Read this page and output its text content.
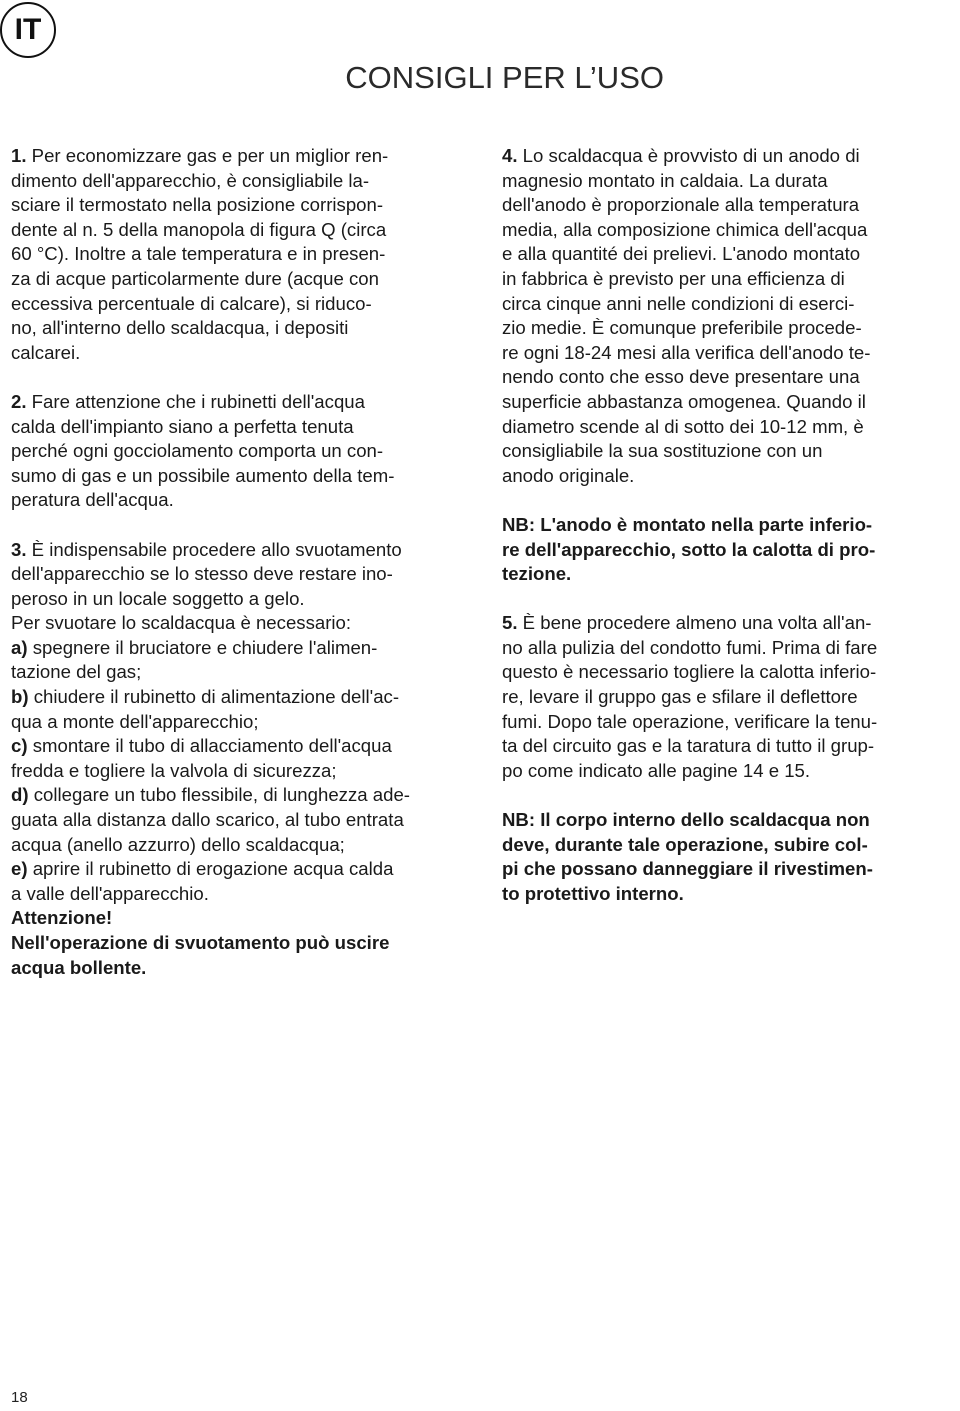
IT
CONSIGLI PER L’USO
1. Per economizzare gas e per un miglior ren-
dimento dell'apparecchio, è consigliabile la-
sciare il termostato nella posizione corrispon-
dente al n. 5 della manopola di figura Q (circa
60 °C). Inoltre a tale temperatura e in presen-
za di acque particolarmente dure (acque con
eccessiva percentuale di calcare), si riduco-
no, all'interno dello scaldacqua, i depositi
calcarei.
2. Fare attenzione che i rubinetti dell'acqua
calda dell'impianto siano a perfetta tenuta
perché ogni gocciolamento comporta un con-
sumo di gas e un possibile aumento della tem-
peratura dell'acqua.
3. È indispensabile procedere allo svuotamento
dell'apparecchio se lo stesso deve restare ino-
peroso in un locale soggetto a gelo.
Per svuotare lo scaldacqua è necessario:
a) spegnere il bruciatore e chiudere l'alimen-
tazione del gas;
b) chiudere il rubinetto di alimentazione dell'ac-
qua a monte dell'apparecchio;
c) smontare il tubo di allacciamento dell'acqua
fredda e togliere la valvola di sicurezza;
d) collegare un tubo flessibile, di lunghezza ade-
guata alla distanza dallo scarico, al tubo entrata
acqua (anello azzurro) dello scaldacqua;
e) aprire il rubinetto di erogazione acqua calda
a valle dell'apparecchio.
Attenzione!
Nell'operazione di svuotamento può uscire
acqua bollente.
4. Lo scaldacqua è provvisto di un anodo di
magnesio montato in caldaia. La durata
dell'anodo è proporzionale alla temperatura
media, alla composizione chimica dell'acqua
e alla quantité dei prelievi. L'anodo montato
in fabbrica è previsto per una efficienza di
circa cinque anni nelle condizioni di eserci-
zio medie. È comunque preferibile procede-
re ogni 18-24 mesi alla verifica dell'anodo te-
nendo conto che esso deve presentare una
superficie abbastanza omogenea. Quando il
diametro scende al di sotto dei 10-12 mm, è
consigliabile la sua sostituzione con un
anodo originale.
NB: L'anodo è montato nella parte inferio-
re dell'apparecchio, sotto la calotta di pro-
tezione.
5. È bene procedere almeno una volta all'an-
no alla pulizia del condotto fumi. Prima di fare
questo è necessario togliere la calotta inferio-
re, levare il gruppo gas e sfilare il deflettore
fumi. Dopo tale operazione, verificare la tenu-
ta del circuito gas e la taratura di tutto il grup-
po come indicato alle pagine 14 e 15.
NB: Il corpo interno dello scaldacqua non
deve, durante tale operazione, subire col-
pi che possano danneggiare il rivestimen-
to protettivo interno.
18
